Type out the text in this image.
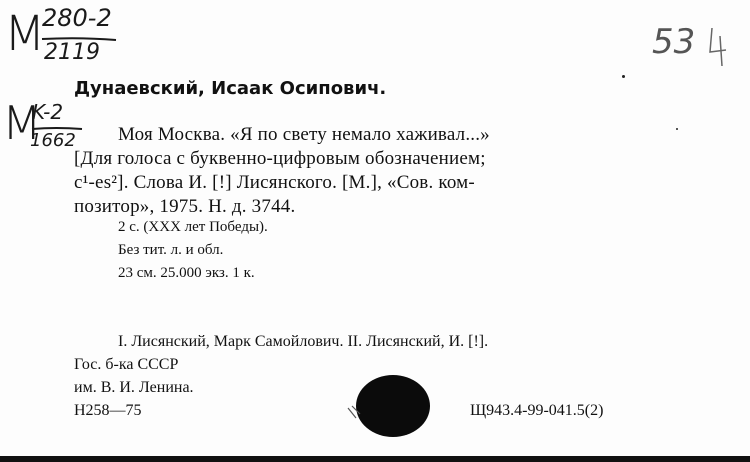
M
280-2
2119
M
K-2
1662
53
Дунаевский, Исаак Осипович.
Моя Москва. «Я по свету немало хаживал...»
[Для голоса с буквенно-цифровым обозначением;
c¹-es²]. Слова И. [!] Лисянского. [М.], «Сов. ком-
позитор», 1975. Н. д. 3744.
2 с. (XXX лет Победы).
Без тит. л. и обл.
23 см. 25.000 экз. 1 к.
I. Лисянский, Марк Самойлович. II. Лисянский, И. [!].
Гос. б-ка СССР
им. В. И. Ленина.
Н258—75	Щ943.4-99-041.5(2)
